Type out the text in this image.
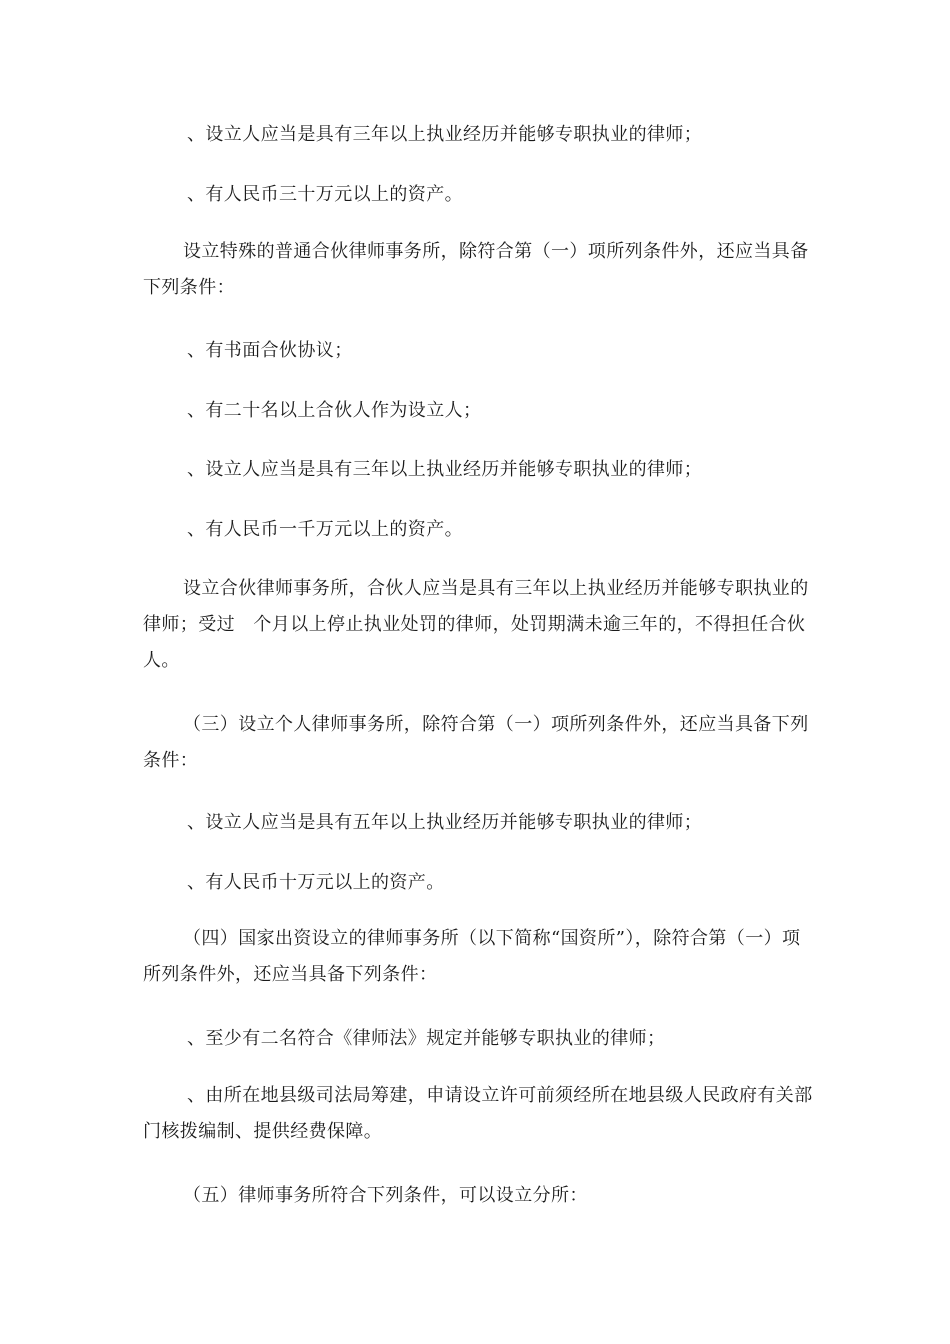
、设立人应当是具有三年以上执业经历并能够专职执业的律师；

、有人民币三十万元以上的资产。

设立特殊的普通合伙律师事务所，除符合第（一）项所列条件外，还应当具备下列条件：

、有书面合伙协议；

、有二十名以上合伙人作为设立人；

、设立人应当是具有三年以上执业经历并能够专职执业的律师；

、有人民币一千万元以上的资产。

设立合伙律师事务所，合伙人应当是具有三年以上执业经历并能够专职执业的律师；受过　个月以上停止执业处罚的律师，处罚期满未逾三年的，不得担任合伙人。

（三）设立个人律师事务所，除符合第（一）项所列条件外，还应当具备下列条件：

、设立人应当是具有五年以上执业经历并能够专职执业的律师；

、有人民币十万元以上的资产。

（四）国家出资设立的律师事务所（以下简称“国资所”），除符合第（一）项所列条件外，还应当具备下列条件：

、至少有二名符合《律师法》规定并能够专职执业的律师；

、由所在地县级司法局筹建，申请设立许可前须经所在地县级人民政府有关部门核拨编制、提供经费保障。

（五）律师事务所符合下列条件，可以设立分所：
